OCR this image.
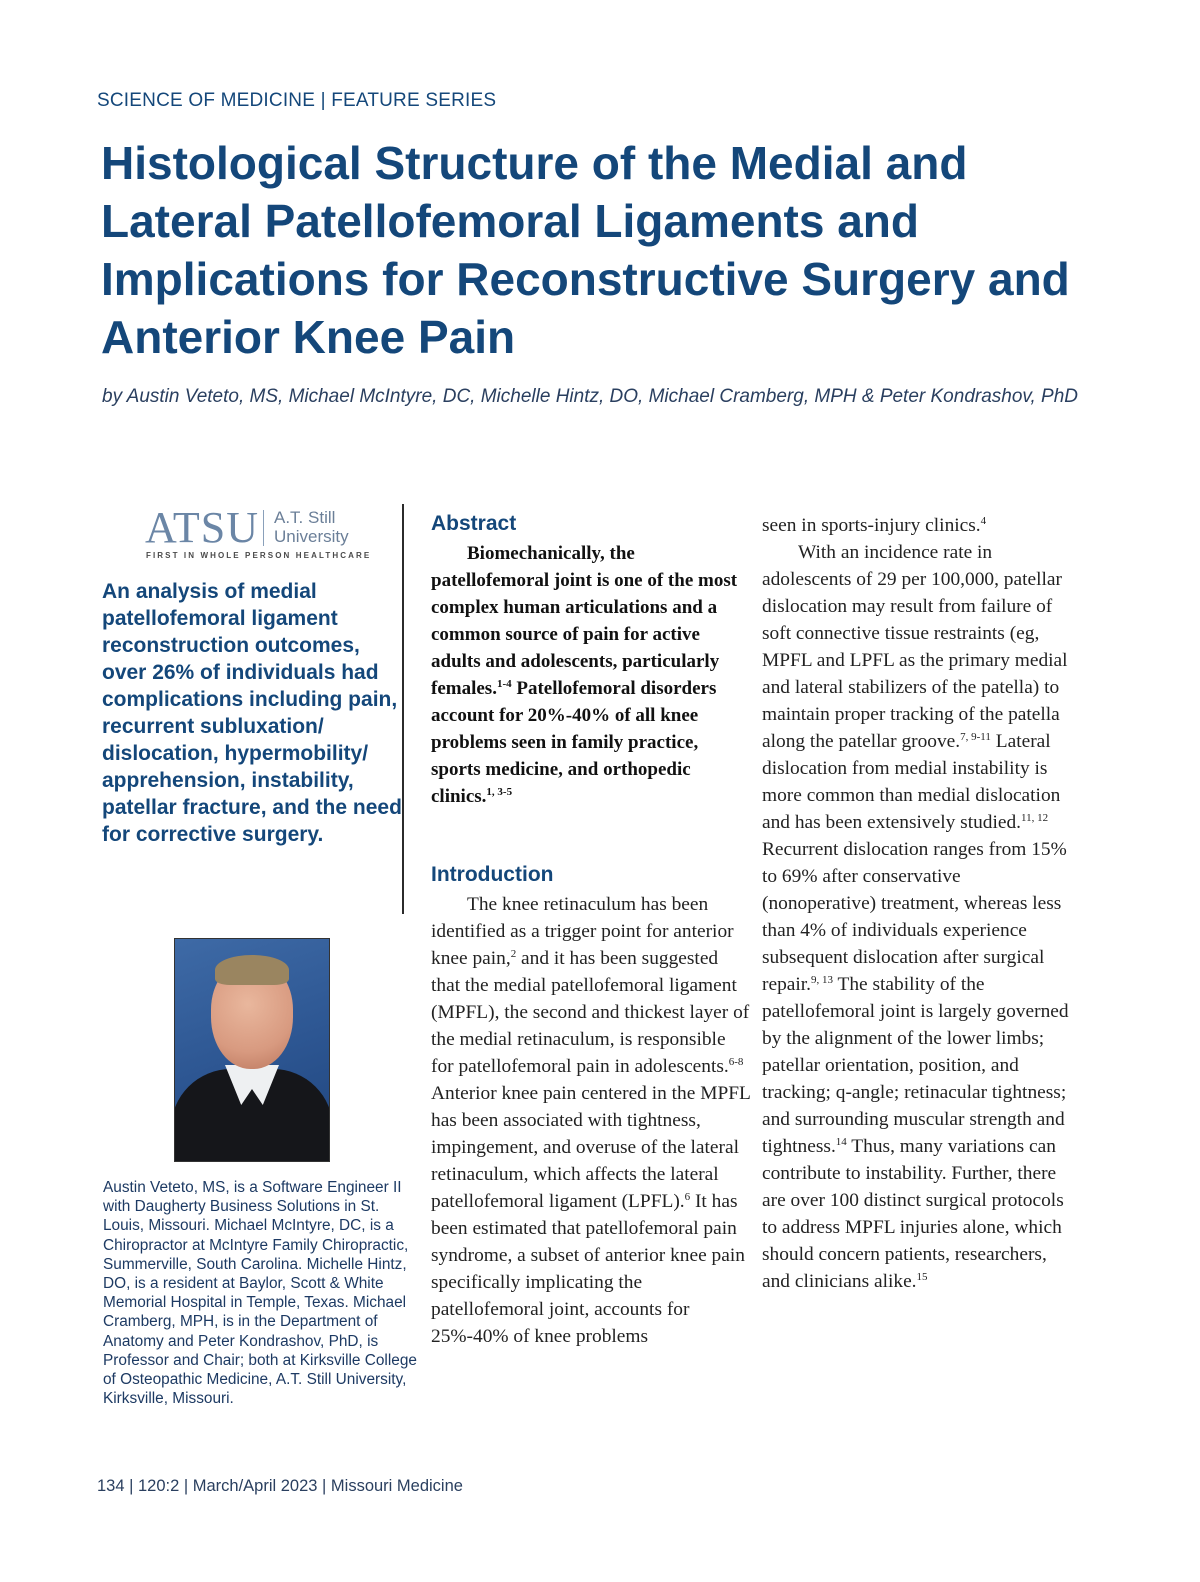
SCIENCE OF MEDICINE | FEATURE SERIES
Histological Structure of the Medial and Lateral Patellofemoral Ligaments and Implications for Reconstructive Surgery and Anterior Knee Pain
by Austin Veteto, MS, Michael McIntyre, DC, Michelle Hintz, DO, Michael Cramberg, MPH & Peter Kondrashov, PhD
ATSU A.T. Still
University
FIRST IN WHOLE PERSON HEALTHCARE

An analysis of medial patellofemoral ligament reconstruction outcomes, over 26% of individuals had complications including pain, recurrent subluxation/ dislocation, hypermobility/ apprehension, instability, patellar fracture, and the need for corrective surgery.

Austin Veteto, MS, is a Software Engineer II with Daugherty Business Solutions in St. Louis, Missouri. Michael McIntyre, DC, is a Chiropractor at McIntyre Family Chiropractic, Summerville, South Carolina. Michelle Hintz, DO, is a resident at Baylor, Scott & White Memorial Hospital in Temple, Texas. Michael Cramberg, MPH, is in the Department of Anatomy and Peter Kondrashov, PhD, is Professor and Chair; both at Kirksville College of Osteopathic Medicine, A.T. Still University, Kirksville, Missouri.

Abstract

Biomechanically, the patellofemoral joint is one of the most complex human articulations and a common source of pain for active adults and adolescents, particularly females.$^{1-4}$ Patellofemoral disorders account for 20%-40% of all knee problems seen in family practice, sports medicine, and orthopedic clinics.$^{1, 3-5}$

Introduction

The knee retinaculum has been identified as a trigger point for anterior knee pain,$^2$ and it has been suggested that the medial patellofemoral ligament (MPFL), the second and thickest layer of the medial retinaculum, is responsible for patellofemoral pain in adolescents.$^{6-8}$ Anterior knee pain centered in the MPFL has been associated with tightness, impingement, and overuse of the lateral retinaculum, which affects the lateral patellofemoral ligament (LPFL).$^6$ It has been estimated that patellofemoral pain syndrome, a subset of anterior knee pain specifically implicating the patellofemoral joint, accounts for 25%-40% of knee problems

seen in sports-injury clinics.$^4$
With an incidence rate in adolescents of 29 per 100,000, patellar dislocation may result from failure of soft connective tissue restraints (eg, MPFL and LPFL as the primary medial and lateral stabilizers of the patella) to maintain proper tracking of the patella along the patellar groove.$^{7, 9-11}$ Lateral dislocation from medial instability is more common than medial dislocation and has been extensively studied.$^{11, 12}$ Recurrent dislocation ranges from 15% to 69% after conservative (nonoperative) treatment, whereas less than 4% of individuals experience subsequent dislocation after surgical repair.$^{9, 13}$ The stability of the patellofemoral joint is largely governed by the alignment of the lower limbs; patellar orientation, position, and tracking; q-angle; retinacular tightness; and surrounding muscular strength and tightness.$^{14}$ Thus, many variations can contribute to instability. Further, there are over 100 distinct surgical protocols to address MPFL injuries alone, which should concern patients, researchers, and clinicians alike.$^{15}$

134 | 120:2 | March/April 2023 | Missouri Medicine
